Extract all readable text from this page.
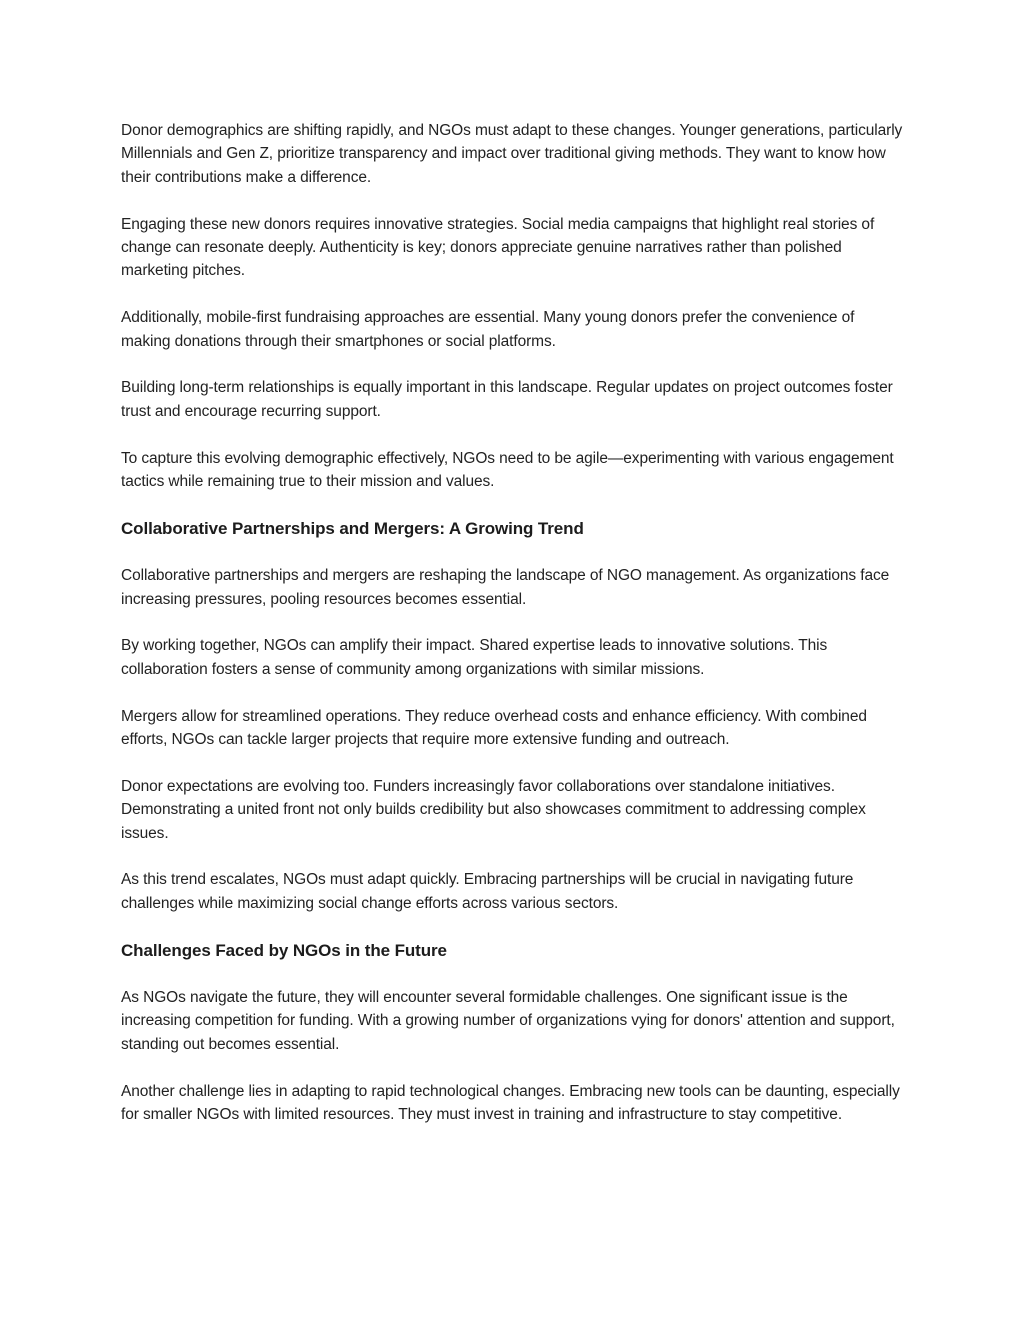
Donor demographics are shifting rapidly, and NGOs must adapt to these changes. Younger generations, particularly Millennials and Gen Z, prioritize transparency and impact over traditional giving methods. They want to know how their contributions make a difference.

Engaging these new donors requires innovative strategies. Social media campaigns that highlight real stories of change can resonate deeply. Authenticity is key; donors appreciate genuine narratives rather than polished marketing pitches.

Additionally, mobile-first fundraising approaches are essential. Many young donors prefer the convenience of making donations through their smartphones or social platforms.

Building long-term relationships is equally important in this landscape. Regular updates on project outcomes foster trust and encourage recurring support.

To capture this evolving demographic effectively, NGOs need to be agile—experimenting with various engagement tactics while remaining true to their mission and values.

Collaborative Partnerships and Mergers: A Growing Trend

Collaborative partnerships and mergers are reshaping the landscape of NGO management. As organizations face increasing pressures, pooling resources becomes essential.

By working together, NGOs can amplify their impact. Shared expertise leads to innovative solutions. This collaboration fosters a sense of community among organizations with similar missions.

Mergers allow for streamlined operations. They reduce overhead costs and enhance efficiency. With combined efforts, NGOs can tackle larger projects that require more extensive funding and outreach.

Donor expectations are evolving too. Funders increasingly favor collaborations over standalone initiatives. Demonstrating a united front not only builds credibility but also showcases commitment to addressing complex issues.

As this trend escalates, NGOs must adapt quickly. Embracing partnerships will be crucial in navigating future challenges while maximizing social change efforts across various sectors.

Challenges Faced by NGOs in the Future

As NGOs navigate the future, they will encounter several formidable challenges. One significant issue is the increasing competition for funding. With a growing number of organizations vying for donors' attention and support, standing out becomes essential.

Another challenge lies in adapting to rapid technological changes. Embracing new tools can be daunting, especially for smaller NGOs with limited resources. They must invest in training and infrastructure to stay competitive.
